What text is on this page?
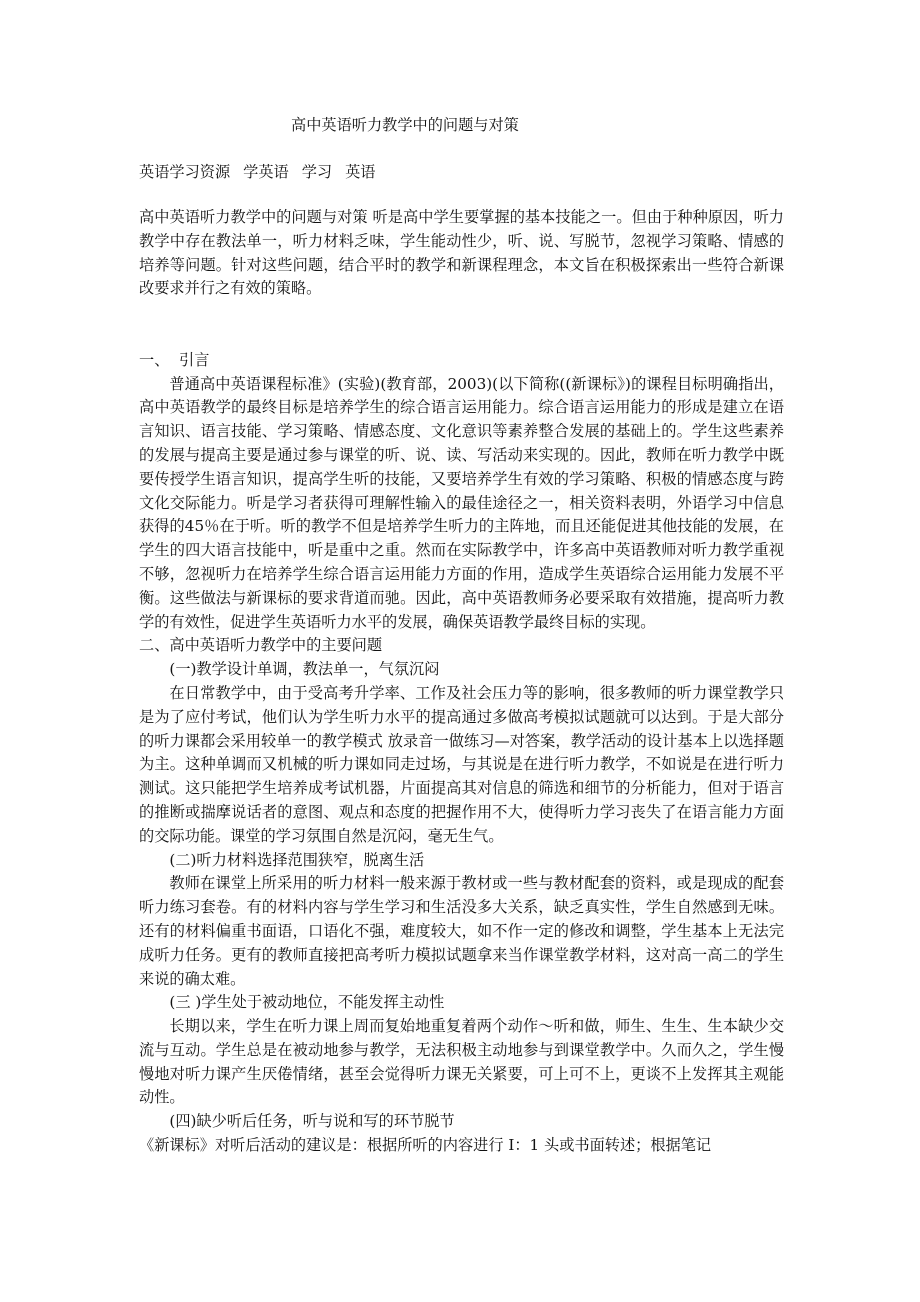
高中英语听力教学中的问题与对策
英语学习资源 学英语 学习 英语

高中英语听力教学中的问题与对策 听是高中学生要掌握的基本技能之一。但由于种种原因，听力教学中存在教法单一，听力材料乏味，学生能动性少，听、说、写脱节，忽视学习策略、情感的培养等问题。针对这些问题，结合平时的教学和新课程理念，本文旨在积极探索出一些符合新课改要求并行之有效的策略。

一、  引言

普通高中英语课程标准》(实验)(教育部，2003)(以下简称((新课标》)的课程目标明确指出，高中英语教学的最终目标是培养学生的综合语言运用能力。综合语言运用能力的形成是建立在语言知识、语言技能、学习策略、情感态度、文化意识等素养整合发展的基础上的。学生这些素养的发展与提高主要是通过参与课堂的听、说、读、写活动来实现的。因此，教师在听力教学中既要传授学生语言知识，提高学生听的技能，又要培养学生有效的学习策略、积极的情感态度与跨文化交际能力。听是学习者获得可理解性输入的最佳途径之一，相关资料表明，外语学习中信息获得的45％在于听。听的教学不但是培养学生听力的主阵地，而且还能促进其他技能的发展，在学生的四大语言技能中，听是重中之重。然而在实际教学中，许多高中英语教师对听力教学重视不够，忽视听力在培养学生综合语言运用能力方面的作用，造成学生英语综合运用能力发展不平衡。这些做法与新课标的要求背道而驰。因此，高中英语教师务必要采取有效措施，提高听力教学的有效性，促进学生英语听力水平的发展，确保英语教学最终目标的实现。

二、高中英语听力教学中的主要问题

(一)教学设计单调，教法单一，气氛沉闷

在日常教学中，由于受高考升学率、工作及社会压力等的影响，很多教师的听力课堂教学只是为了应付考试，他们认为学生听力水平的提高通过多做高考模拟试题就可以达到。于是大部分的听力课都会采用较单一的教学模式 放录音一做练习—对答案，教学活动的设计基本上以选择题为主。这种单调而又机械的听力课如同走过场，与其说是在进行听力教学，不如说是在进行听力测试。这只能把学生培养成考试机器，片面提高其对信息的筛选和细节的分析能力，但对于语言的推断或揣摩说话者的意图、观点和态度的把握作用不大，使得听力学习丧失了在语言能力方面的交际功能。课堂的学习氛围自然是沉闷，毫无生气。

(二)听力材料选择范围狭窄，脱离生活

教师在课堂上所采用的听力材料一般来源于教材或一些与教材配套的资料，或是现成的配套听力练习套卷。有的材料内容与学生学习和生活没多大关系，缺乏真实性，学生自然感到无味。还有的材料偏重书面语，口语化不强，难度较大，如不作一定的修改和调整，学生基本上无法完成听力任务。更有的教师直接把高考听力模拟试题拿来当作课堂教学材料，这对高一高二的学生来说的确太难。

(三 )学生处于被动地位，不能发挥主动性

长期以来，学生在听力课上周而复始地重复着两个动作～听和做，师生、生生、生本缺少交流与互动。学生总是在被动地参与教学，无法积极主动地参与到课堂教学中。久而久之，学生慢慢地对听力课产生厌倦情绪，甚至会觉得听力课无关紧要，可上可不上，更谈不上发挥其主观能动性。

(四)缺少听后任务，听与说和写的环节脱节

《新课标》对听后活动的建议是：根据所听的内容进行 I：1 头或书面转述；根据笔记
